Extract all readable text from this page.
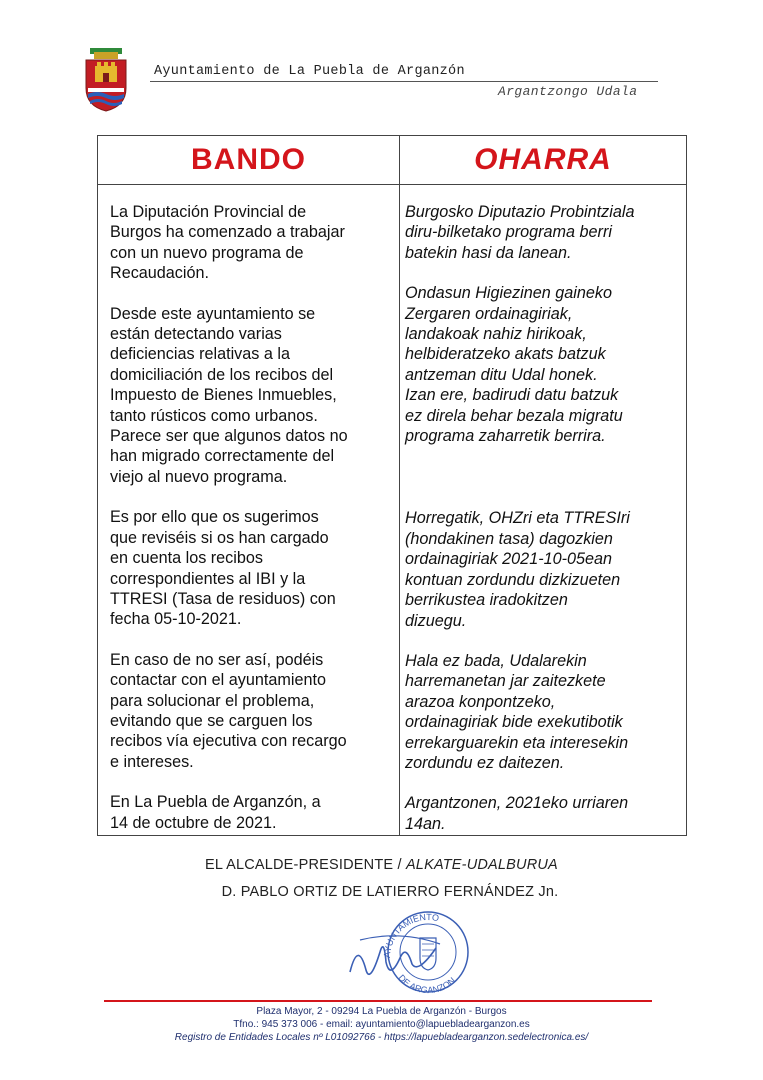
Ayuntamiento de La Puebla de Arganzón
Argantzongo Udala
BANDO	OHARRA

La Diputación Provincial de
Burgos ha comenzado a trabajar
con un nuevo programa de
Recaudación.

Desde este ayuntamiento se
están detectando varias
deficiencias relativas a la
domiciliación de los recibos del
Impuesto de Bienes Inmuebles,
tanto rústicos como urbanos.
Parece ser que algunos datos no
han migrado correctamente del
viejo al nuevo programa.

Es por ello que os sugerimos
que reviséis si os han cargado
en cuenta los recibos
correspondientes al IBI y la
TTRESI (Tasa de residuos) con
fecha 05-10-2021.

En caso de no ser así, podéis
contactar con el ayuntamiento
para solucionar el problema,
evitando que se carguen los
recibos vía ejecutiva con recargo
e intereses.

En La Puebla de Arganzón, a
14 de octubre de 2021.

Burgosko Diputazio Probintziala
diru-bilketako programa berri
batekin hasi da lanean.

Ondasun Higiezinen gaineko
Zergaren ordainagiriak,
landakoak nahiz hirikoak,
helbideratzeko akats batzuk
antzeman ditu Udal honek.
Izan ere, badirudi datu batzuk
ez direla behar bezala migratu
programa zaharretik berrira.

Horregatik, OHZri eta TTRESIri
(hondakinen tasa) dagozkien
ordainagiriak 2021-10-05ean
kontuan zordundu dizkizueten
berrikustea iradokitzen
dizuegu.

Hala ez bada, Udalarekin
harremanetan jar zaitezkete
arazoa konpontzeko,
ordainagiriak bide exekutibotik
errekarguarekin eta interesekin
zordundu ez daitezen.

Argantzonen, 2021eko urriaren
14an.

EL ALCALDE-PRESIDENTE / ALKATE-UDALBURUA
D. PABLO ORTIZ DE LATIERRO FERNÁNDEZ Jn.
AYUNTAMIENTO
DE ARGANZON
Plaza Mayor, 2 - 09294 La Puebla de Arganzón - Burgos
Tfno.: 945 373 006 - email: ayuntamiento@lapuebladearganzon.es
Registro de Entidades Locales nº L01092766 - https://lapuebladearganzon.sedelectronica.es/
